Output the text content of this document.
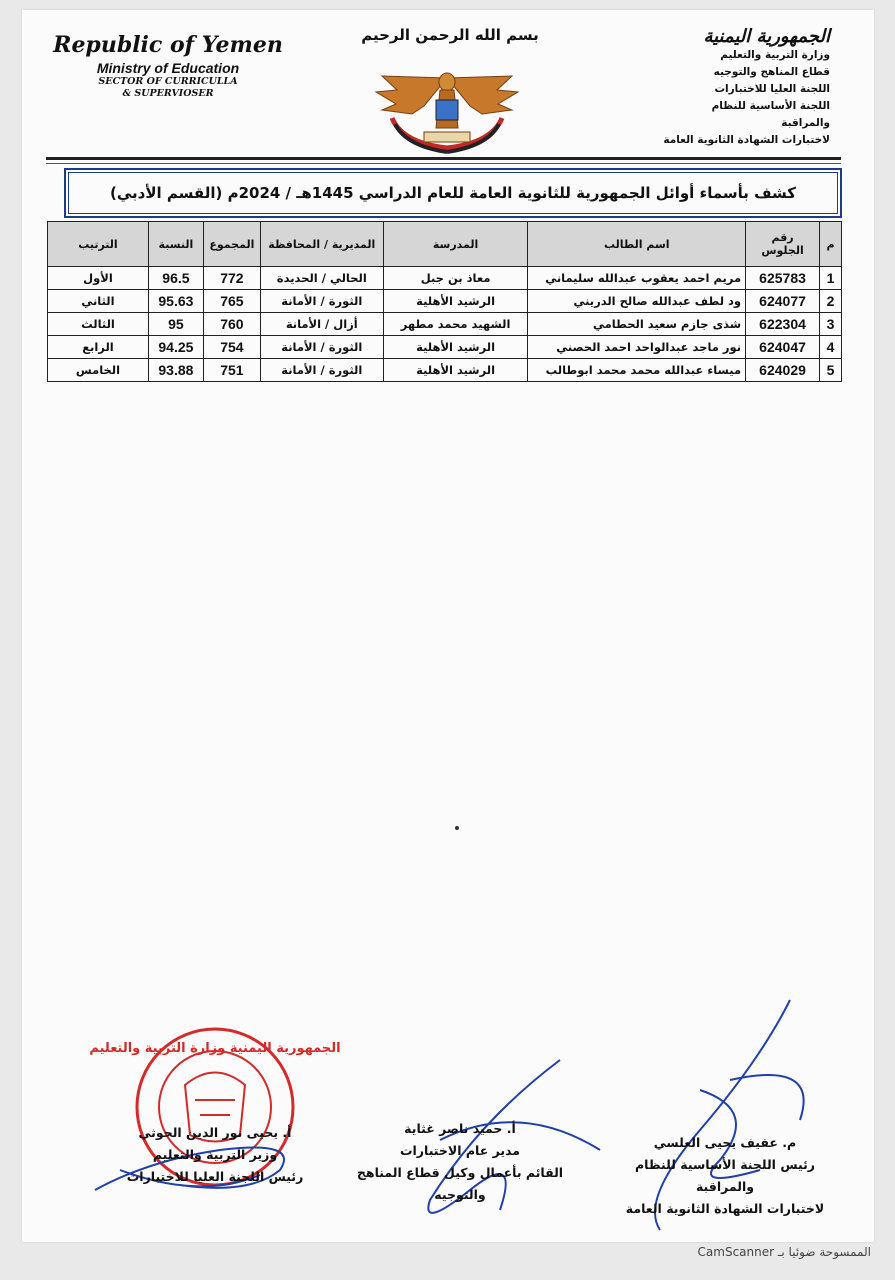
Republic of Yemen
Ministry of Education
SECTOR OF CURRICULLA
& SUPERVIOSER
بسم الله الرحمن الرحيم	الجمهورية اليمنية
وزارة التربية والتعليم
قطاع المناهج والتوجيه
اللجنة العليا للاختبارات
اللجنة الأساسية للنظام والمراقبة
لاختبارات الشهادة الثانوية العامة
كشف بأسماء أوائل الجمهورية للثانوية العامة للعام الدراسي 1445هـ / 2024م (القسم الأدبي)
م	رقم الجلوس	اسم الطالب	المدرسة	المديرية / المحافظة	المجموع	النسبة	الترتيب
1	625783	مريم احمد يعقوب عبدالله سليماني	معاذ بن جبل	الحالي / الحديدة	772	96.5	الأول
2	624077	ود لطف عبدالله صالح الدريني	الرشيد الأهلية	الثورة / الأمانة	765	95.63	الثاني
3	622304	شذى جازم سعيد الحطامي	الشهيد محمد مطهر	أزال / الأمانة	760	95	الثالث
4	624047	نور ماجد عبدالواحد احمد الحصني	الرشيد الأهلية	الثورة / الأمانة	754	94.25	الرابع
5	624029	ميساء عبدالله محمد محمد ابوطالب	الرشيد الأهلية	الثورة / الأمانة	751	93.88	الخامس
الجمهورية اليمنية وزارة التربية والتعليم
م. عفيف يحيى العلسي
رئيس اللجنة الأساسية للنظام والمراقبة
لاختبارات الشهادة الثانوية العامة
أ. حميد ناصر غثاية
مدير عام الاختبارات
القائم بأعمال وكيل قطاع المناهج والتوجيه
أ. يحيى نور الدين الحوثي
وزير التربية والتعليم
رئيس اللجنة العليا للاختبارات
الممسوحة ضوئيا بـ CamScanner
